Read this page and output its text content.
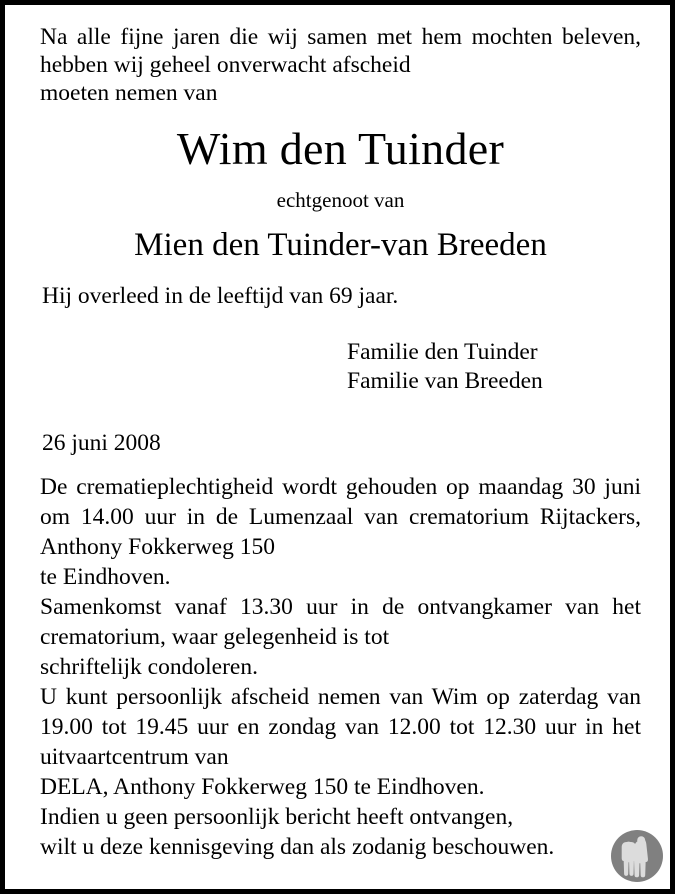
Na alle fijne jaren die wij samen met hem mochten beleven, hebben wij geheel onverwacht afscheid
moeten nemen van

Wim den Tuinder
echtgenoot van
Mien den Tuinder-van Breeden
Hij overleed in de leeftijd van 69 jaar.
Familie den Tuinder
Familie van Breeden
26 juni 2008

De crematieplechtigheid wordt gehouden op maandag 30 juni om 14.00 uur in de Lumenzaal van crematorium Rijtackers, Anthony Fokkerweg 150
te Eindhoven.

Samenkomst vanaf 13.30 uur in de ontvangkamer van het crematorium, waar gelegenheid is tot
schriftelijk condoleren.

U kunt persoonlijk afscheid nemen van Wim op zaterdag van 19.00 tot 19.45 uur en zondag van 12.00 tot 12.30 uur in het uitvaartcentrum van
DELA, Anthony Fokkerweg 150 te Eindhoven.

Indien u geen persoonlijk bericht heeft ontvangen,
wilt u deze kennisgeving dan als zodanig beschouwen.
